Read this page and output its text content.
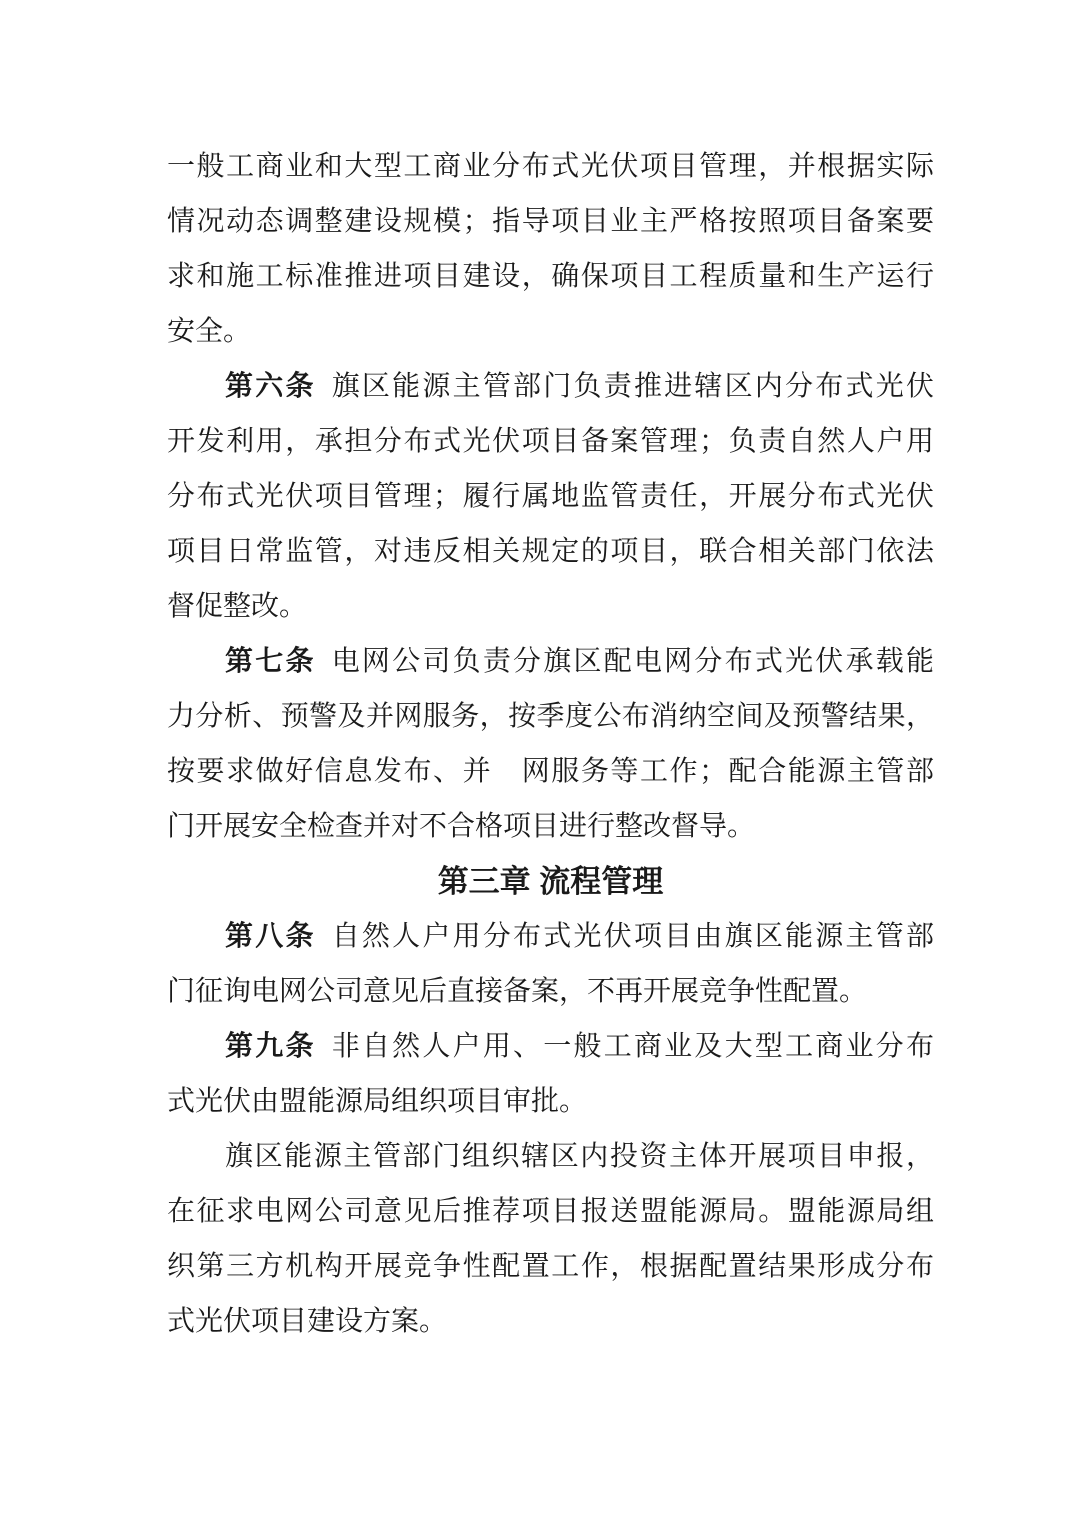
一般工商业和大型工商业分布式光伏项目管理，并根据实际
情况动态调整建设规模；指导项目业主严格按照项目备案要
求和施工标准推进项目建设，确保项目工程质量和生产运行
安全。
第六条 旗区能源主管部门负责推进辖区内分布式光伏
开发利用，承担分布式光伏项目备案管理；负责自然人户用
分布式光伏项目管理；履行属地监管责任，开展分布式光伏
项目日常监管，对违反相关规定的项目，联合相关部门依法
督促整改。
第七条 电网公司负责分旗区配电网分布式光伏承载能
力分析、预警及并网服务，按季度公布消纳空间及预警结果，
按要求做好信息发布、并　网服务等工作；配合能源主管部
门开展安全检查并对不合格项目进行整改督导。
第三章 流程管理
第八条 自然人户用分布式光伏项目由旗区能源主管部
门征询电网公司意见后直接备案，不再开展竞争性配置。
第九条 非自然人户用、一般工商业及大型工商业分布
式光伏由盟能源局组织项目审批。
旗区能源主管部门组织辖区内投资主体开展项目申报，
在征求电网公司意见后推荐项目报送盟能源局。盟能源局组
织第三方机构开展竞争性配置工作，根据配置结果形成分布
式光伏项目建设方案。
